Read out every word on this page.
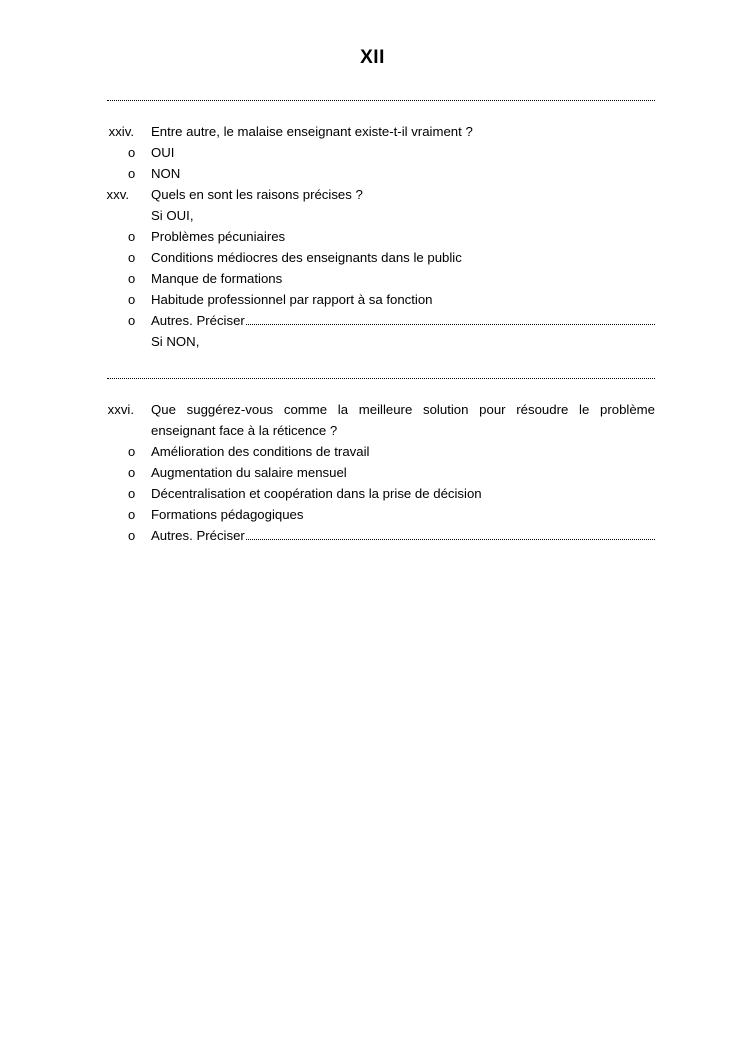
XII
xxiv. Entre autre, le malaise enseignant existe-t-il vraiment ?
o OUI
o NON
xxv. Quels en sont les raisons précises ?
Si OUI,
o Problèmes pécuniaires
o Conditions médiocres des enseignants dans le public
o Manque de formations
o Habitude professionnel par rapport à sa fonction
o Autres. Préciser
Si NON,
xxvi. Que suggérez-vous comme la meilleure solution pour résoudre le problème
enseignant face à la réticence ?
o Amélioration des conditions de travail
o Augmentation du salaire mensuel
o Décentralisation et coopération dans la prise de décision
o Formations pédagogiques
o Autres. Préciser
